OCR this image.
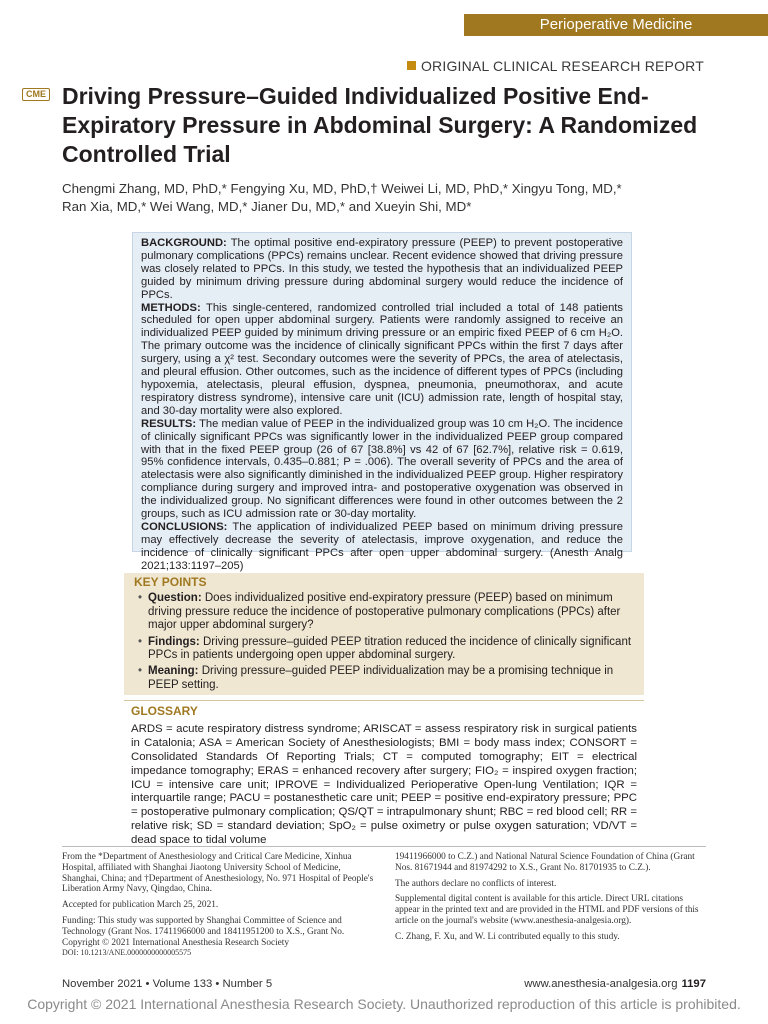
Perioperative Medicine
ORIGINAL CLINICAL RESEARCH REPORT
CME Driving Pressure–Guided Individualized Positive End-Expiratory Pressure in Abdominal Surgery: A Randomized Controlled Trial
Chengmi Zhang, MD, PhD,* Fengying Xu, MD, PhD,† Weiwei Li, MD, PhD,* Xingyu Tong, MD,*
Ran Xia, MD,* Wei Wang, MD,* Jianer Du, MD,* and Xueyin Shi, MD*

BACKGROUND: The optimal positive end-expiratory pressure (PEEP) to prevent postoperative pulmonary complications (PPCs) remains unclear. Recent evidence showed that driving pressure was closely related to PPCs. In this study, we tested the hypothesis that an individualized PEEP guided by minimum driving pressure during abdominal surgery would reduce the incidence of PPCs.

METHODS: This single-centered, randomized controlled trial included a total of 148 patients scheduled for open upper abdominal surgery. Patients were randomly assigned to receive an individualized PEEP guided by minimum driving pressure or an empiric fixed PEEP of 6 cm H₂O. The primary outcome was the incidence of clinically significant PPCs within the first 7 days after surgery, using a χ² test. Secondary outcomes were the severity of PPCs, the area of atelectasis, and pleural effusion. Other outcomes, such as the incidence of different types of PPCs (including hypoxemia, atelectasis, pleural effusion, dyspnea, pneumonia, pneumothorax, and acute respiratory distress syndrome), intensive care unit (ICU) admission rate, length of hospital stay, and 30-day mortality were also explored.

RESULTS: The median value of PEEP in the individualized group was 10 cm H₂O. The incidence of clinically significant PPCs was significantly lower in the individualized PEEP group compared with that in the fixed PEEP group (26 of 67 [38.8%] vs 42 of 67 [62.7%], relative risk = 0.619, 95% confidence intervals, 0.435–0.881; P = .006). The overall severity of PPCs and the area of atelectasis were also significantly diminished in the individualized PEEP group. Higher respiratory compliance during surgery and improved intra- and postoperative oxygenation was observed in the individualized group. No significant differences were found in other outcomes between the 2 groups, such as ICU admission rate or 30-day mortality.

CONCLUSIONS: The application of individualized PEEP based on minimum driving pressure may effectively decrease the severity of atelectasis, improve oxygenation, and reduce the incidence of clinically significant PPCs after open upper abdominal surgery. (Anesth Analg 2021;133:1197–205)

KEY POINTS
• Question: Does individualized positive end-expiratory pressure (PEEP) based on minimum driving pressure reduce the incidence of postoperative pulmonary complications (PPCs) after major upper abdominal surgery?
• Findings: Driving pressure–guided PEEP titration reduced the incidence of clinically significant PPCs in patients undergoing open upper abdominal surgery.
• Meaning: Driving pressure–guided PEEP individualization may be a promising technique in PEEP setting.
GLOSSARY
ARDS = acute respiratory distress syndrome; ARISCAT = assess respiratory risk in surgical patients in Catalonia; ASA = American Society of Anesthesiologists; BMI = body mass index; CONSORT = Consolidated Standards Of Reporting Trials; CT = computed tomography; EIT = electrical impedance tomography; ERAS = enhanced recovery after surgery; FIO₂ = inspired oxygen fraction; ICU = intensive care unit; IPROVE = Individualized Perioperative Open-lung Ventilation; IQR = interquartile range; PACU = postanesthetic care unit; PEEP = positive end-expiratory pressure; PPC = postoperative pulmonary complication; QS/QT = intrapulmonary shunt; RBC = red blood cell; RR = relative risk; SD = standard deviation; SpO₂ = pulse oximetry or pulse oxygen saturation; VD/VT = dead space to tidal volume

From the *Department of Anesthesiology and Critical Care Medicine, Xinhua Hospital, affiliated with Shanghai Jiaotong University School of Medicine, Shanghai, China; and †Department of Anesthesiology, No. 971 Hospital of People's Liberation Army Navy, Qingdao, China.

Accepted for publication March 25, 2021.

Funding: This study was supported by Shanghai Committee of Science and Technology (Grant Nos. 17411966000 and 18411951200 to X.S., Grant No.

Copyright © 2021 International Anesthesia Research Society

DOI: 10.1213/ANE.0000000000005575

19411966000 to C.Z.) and National Natural Science Foundation of China (Grant Nos. 81671944 and 81974292 to X.S., Grant No. 81701935 to C.Z.).

The authors declare no conflicts of interest.

Supplemental digital content is available for this article. Direct URL citations appear in the printed text and are provided in the HTML and PDF versions of this article on the journal's website (www.anesthesia-analgesia.org).

C. Zhang, F. Xu, and W. Li contributed equally to this study.

November 2021 • Volume 133 • Number 5	www.anesthesia-analgesia.org 1197
Copyright © 2021 International Anesthesia Research Society. Unauthorized reproduction of this article is prohibited.
